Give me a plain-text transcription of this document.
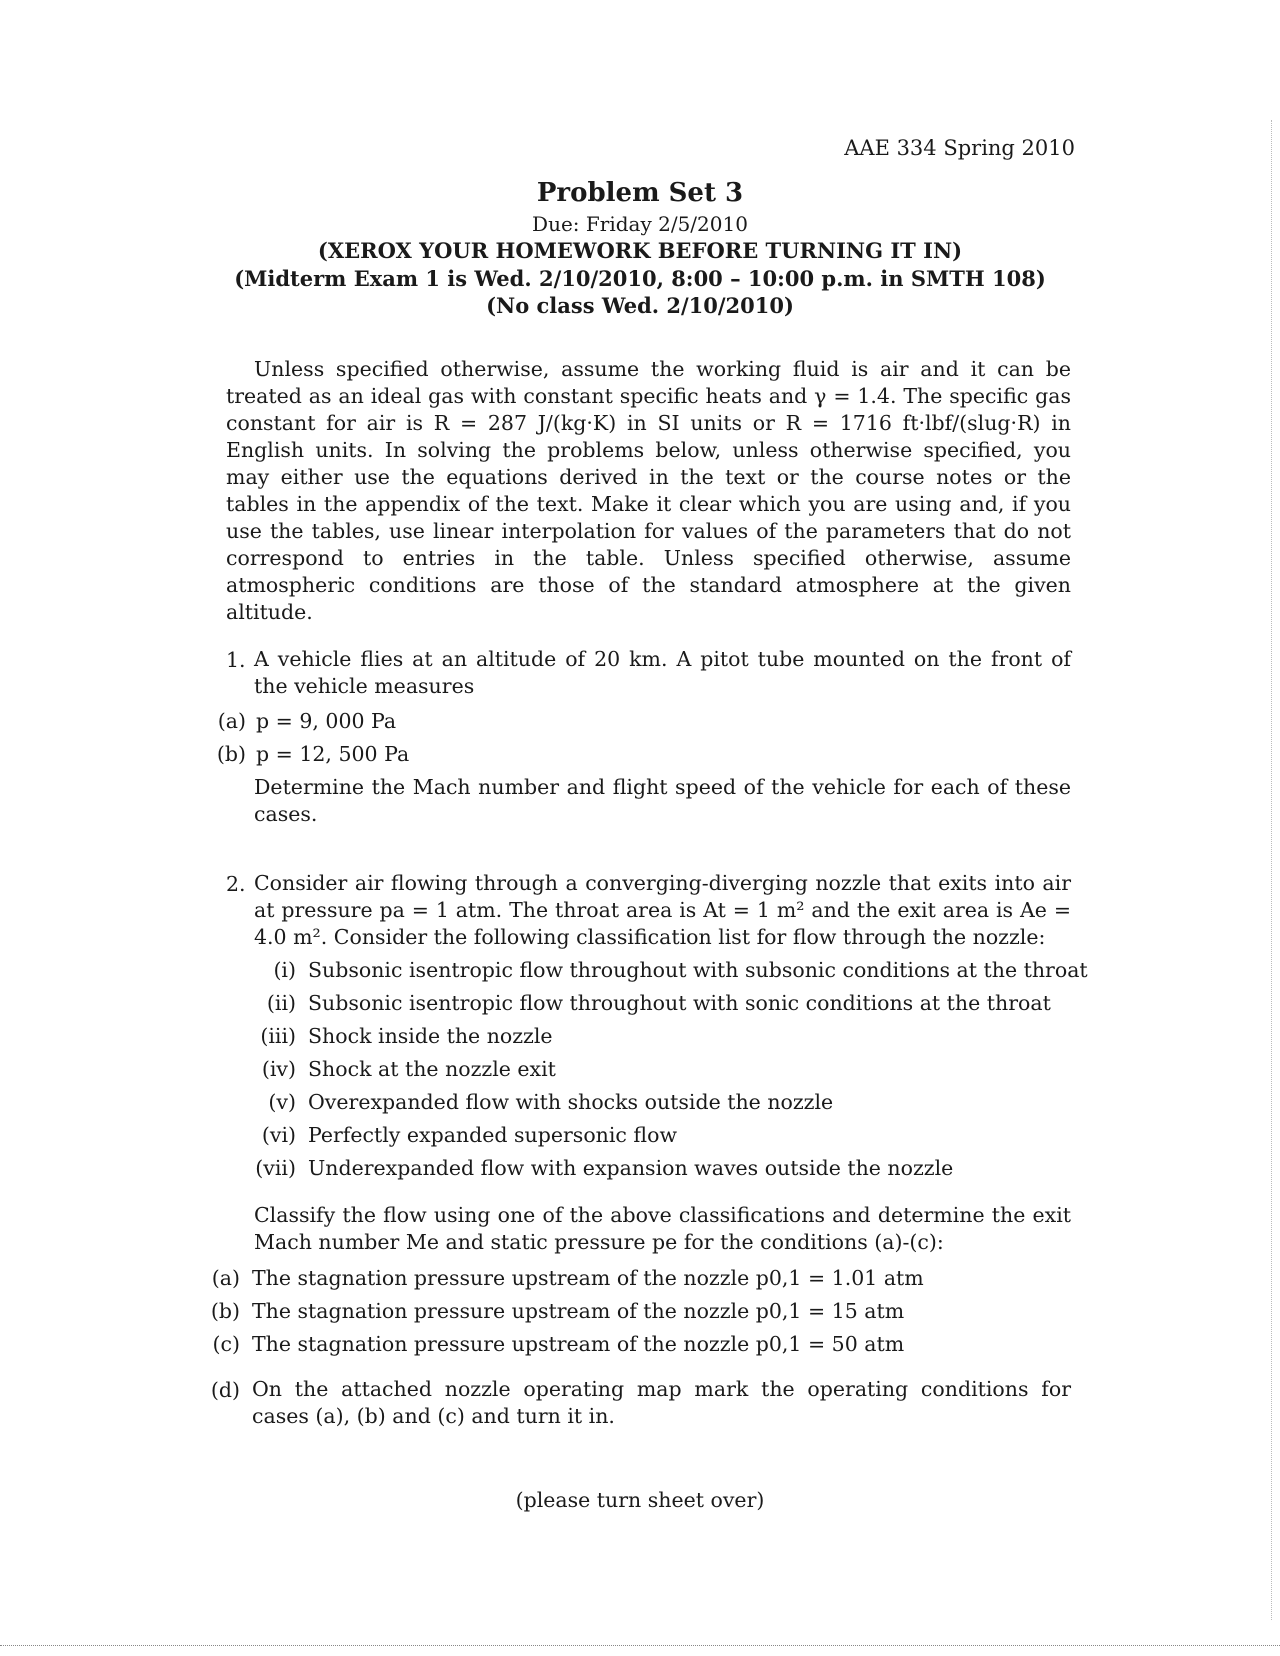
AAE 334 Spring 2010
Problem Set 3
Due: Friday 2/5/2010
(XEROX YOUR HOMEWORK BEFORE TURNING IT IN)
(Midterm Exam 1 is Wed. 2/10/2010, 8:00 – 10:00 p.m. in SMTH 108)
(No class Wed. 2/10/2010)
Unless specified otherwise, assume the working fluid is air and it can be treated as an ideal gas with constant specific heats and γ = 1.4. The specific gas constant for air is R = 287 J/(kg·K) in SI units or R = 1716 ft·lbf/(slug·R) in English units. In solving the problems below, unless otherwise specified, you may either use the equations derived in the text or the course notes or the tables in the appendix of the text. Make it clear which you are using and, if you use the tables, use linear interpolation for values of the parameters that do not correspond to entries in the table. Unless specified otherwise, assume atmospheric conditions are those of the standard atmosphere at the given altitude.
1. A vehicle flies at an altitude of 20 km. A pitot tube mounted on the front of the vehicle measures
(a) p = 9, 000 Pa
(b) p = 12, 500 Pa
Determine the Mach number and flight speed of the vehicle for each of these cases.
2. Consider air flowing through a converging-diverging nozzle that exits into air at pressure pa = 1 atm. The throat area is At = 1 m² and the exit area is Ae = 4.0 m². Consider the following classification list for flow through the nozzle:
(i) Subsonic isentropic flow throughout with subsonic conditions at the throat
(ii) Subsonic isentropic flow throughout with sonic conditions at the throat
(iii) Shock inside the nozzle
(iv) Shock at the nozzle exit
(v) Overexpanded flow with shocks outside the nozzle
(vi) Perfectly expanded supersonic flow
(vii) Underexpanded flow with expansion waves outside the nozzle
Classify the flow using one of the above classifications and determine the exit Mach number Me and static pressure pe for the conditions (a)-(c):
(a) The stagnation pressure upstream of the nozzle p0,1 = 1.01 atm
(b) The stagnation pressure upstream of the nozzle p0,1 = 15 atm
(c) The stagnation pressure upstream of the nozzle p0,1 = 50 atm
(d) On the attached nozzle operating map mark the operating conditions for cases (a), (b) and (c) and turn it in.
(please turn sheet over)
